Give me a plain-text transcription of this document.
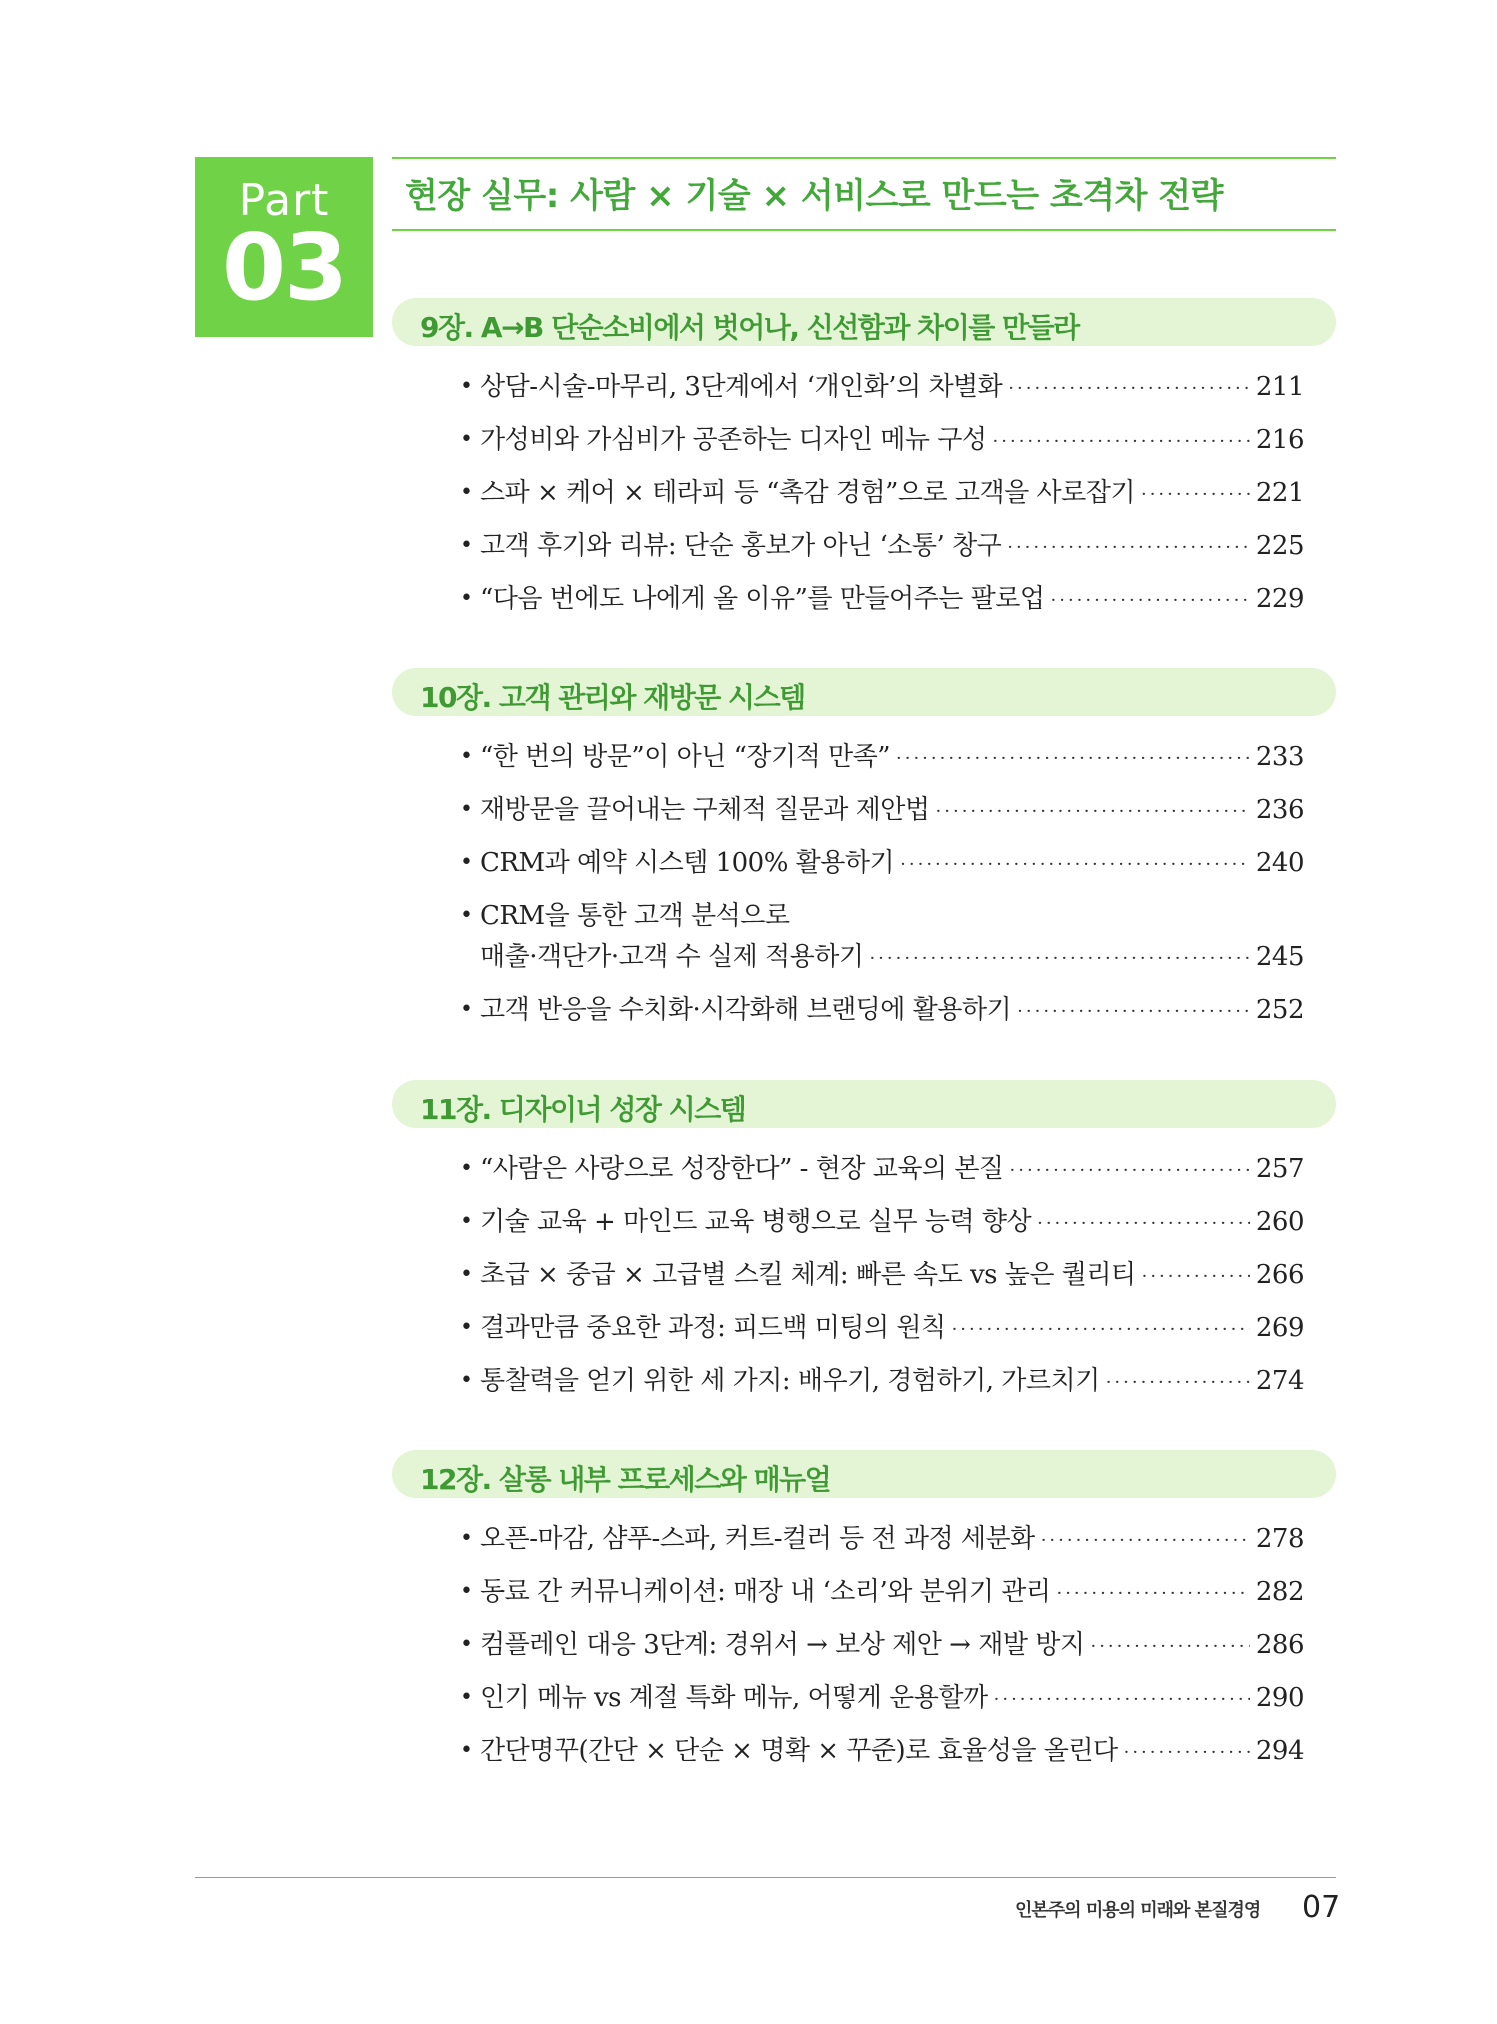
Part
03
현장 실무: 사람 × 기술 × 서비스로 만드는 초격차 전략
9장. A→B 단순소비에서 벗어나, 신선함과 차이를 만들라
• 상담-시술-마무리, 3단계에서 ‘개인화’의 차별화 ·····	211
• 가성비와 가심비가 공존하는 디자인 메뉴 구성 ·····	216
• 스파 × 케어 × 테라피 등 “촉감 경험”으로 고객을 사로잡기 ·····	221
• 고객 후기와 리뷰: 단순 홍보가 아닌 ‘소통’ 창구 ·····	225
• “다음 번에도 나에게 올 이유”를 만들어주는 팔로업 ·····	229
10장. 고객 관리와 재방문 시스템
• “한 번의 방문”이 아닌 “장기적 만족” ·····	233
• 재방문을 끌어내는 구체적 질문과 제안법 ·····	236
• CRM과 예약 시스템 100% 활용하기 ·····	240
• CRM을 통한 고객 분석으로
매출·객단가·고객 수 실제 적용하기 ·····	245
• 고객 반응을 수치화·시각화해 브랜딩에 활용하기 ·····	252
11장. 디자이너 성장 시스템
• “사람은 사랑으로 성장한다” - 현장 교육의 본질 ·····	257
• 기술 교육 + 마인드 교육 병행으로 실무 능력 향상 ·····	260
• 초급 × 중급 × 고급별 스킬 체계: 빠른 속도 vs 높은 퀄리티 ·····	266
• 결과만큼 중요한 과정: 피드백 미팅의 원칙 ·····	269
• 통찰력을 얻기 위한 세 가지: 배우기, 경험하기, 가르치기 ·····	274
12장. 살롱 내부 프로세스와 매뉴얼
• 오픈-마감, 샴푸-스파, 커트-컬러 등 전 과정 세분화 ·····	278
• 동료 간 커뮤니케이션: 매장 내 ‘소리’와 분위기 관리 ·····	282
• 컴플레인 대응 3단계: 경위서 → 보상 제안 → 재발 방지 ·····	286
• 인기 메뉴 vs 계절 특화 메뉴, 어떻게 운용할까 ·····	290
• 간단명꾸(간단 × 단순 × 명확 × 꾸준)로 효율성을 올린다 ·····	294
인본주의 미용의 미래와 본질경영 07
